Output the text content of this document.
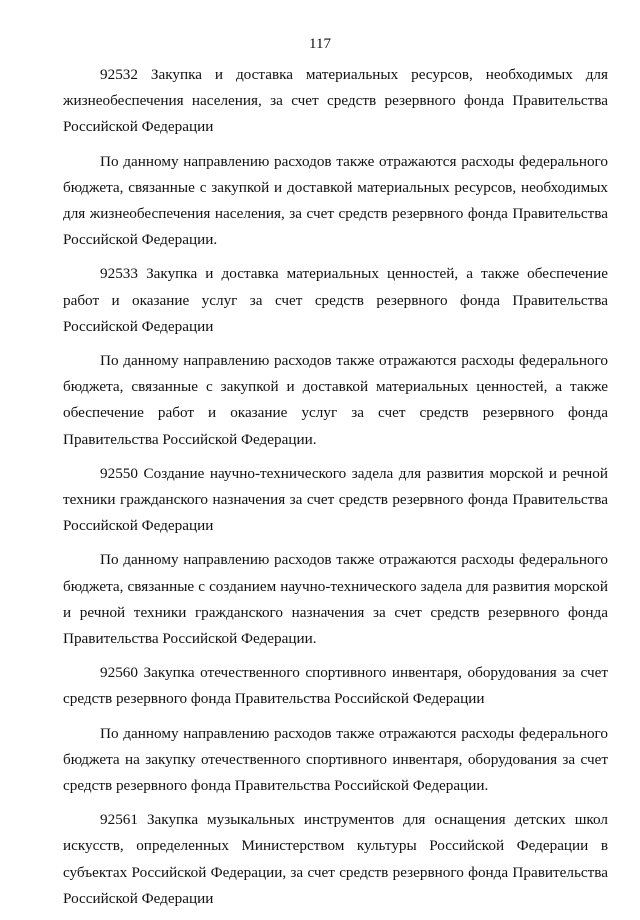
117

92532 Закупка и доставка материальных ресурсов, необходимых для жизнеобеспечения населения, за счет средств резервного фонда Правительства Российской Федерации

По данному направлению расходов также отражаются расходы федерального бюджета, связанные с закупкой и доставкой материальных ресурсов, необходимых для жизнеобеспечения населения, за счет средств резервного фонда Правительства Российской Федерации.

92533 Закупка и доставка материальных ценностей, а также обеспечение работ и оказание услуг за счет средств резервного фонда Правительства Российской Федерации

По данному направлению расходов также отражаются расходы федерального бюджета, связанные с закупкой и доставкой материальных ценностей, а также обеспечение работ и оказание услуг за счет средств резервного фонда Правительства Российской Федерации.

92550 Создание научно-технического задела для развития морской и речной техники гражданского назначения за счет средств резервного фонда Правительства Российской Федерации

По данному направлению расходов также отражаются расходы федерального бюджета, связанные с созданием научно-технического задела для развития морской и речной техники гражданского назначения за счет средств резервного фонда Правительства Российской Федерации.

92560 Закупка отечественного спортивного инвентаря, оборудования за счет средств резервного фонда Правительства Российской Федерации

По данному направлению расходов также отражаются расходы федерального бюджета на закупку отечественного спортивного инвентаря, оборудования за счет средств резервного фонда Правительства Российской Федерации.

92561 Закупка музыкальных инструментов для оснащения детских школ искусств, определенных Министерством культуры Российской Федерации в субъектах Российской Федерации, за счет средств резервного фонда Правительства Российской Федерации
